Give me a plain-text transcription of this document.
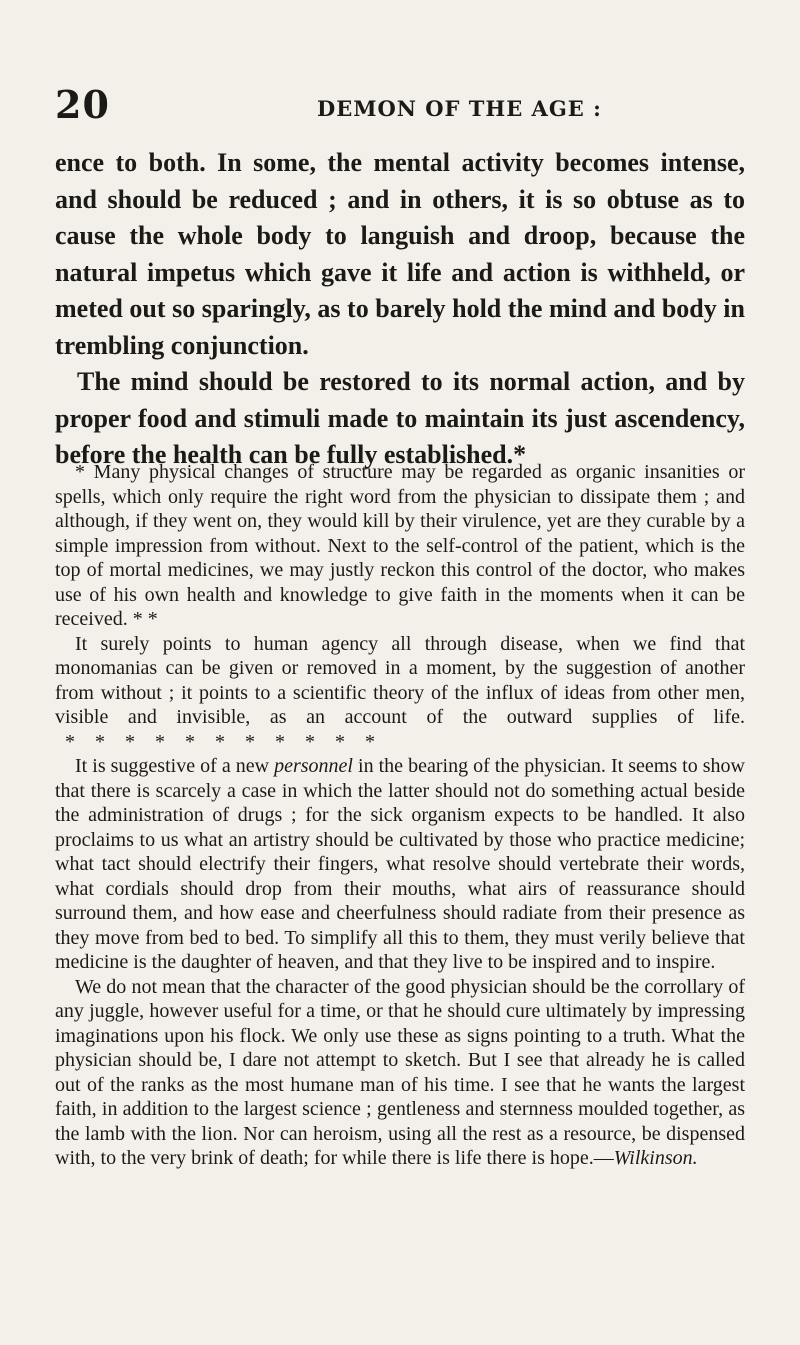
20	DEMON OF THE AGE :

ence to both. In some, the mental activity becomes intense, and should be reduced ; and in others, it is so obtuse as to cause the whole body to languish and droop, because the natural impetus which gave it life and action is withheld, or meted out so sparingly, as to barely hold the mind and body in trembling conjunction.

The mind should be restored to its normal action, and by proper food and stimuli made to maintain its just ascendency, before the health can be fully established.*

* Many physical changes of structure may be regarded as organic insanities or spells, which only require the right word from the physician to dissipate them ; and although, if they went on, they would kill by their virulence, yet are they curable by a simple impression from without. Next to the self-control of the patient, which is the top of mortal medicines, we may justly reckon this control of the doctor, who makes use of his own health and knowledge to give faith in the moments when it can be received. * *

It surely points to human agency all through disease, when we find that monomanias can be given or removed in a moment, by the suggestion of another from without ; it points to a scientific theory of the influx of ideas from other men, visible and invisible, as an account of the outward supplies of life.  *    *    *    *    *    *    *    *    *    *    *

It is suggestive of a new personnel in the bearing of the physician. It seems to show that there is scarcely a case in which the latter should not do something actual beside the administration of drugs ; for the sick organism expects to be handled. It also proclaims to us what an artistry should be cultivated by those who practice medicine; what tact should electrify their fingers, what resolve should vertebrate their words, what cordials should drop from their mouths, what airs of reassurance should surround them, and how ease and cheerfulness should radiate from their presence as they move from bed to bed. To simplify all this to them, they must verily believe that medicine is the daughter of heaven, and that they live to be inspired and to inspire.

We do not mean that the character of the good physician should be the corrollary of any juggle, however useful for a time, or that he should cure ultimately by impressing imaginations upon his flock. We only use these as signs pointing to a truth. What the physician should be, I dare not attempt to sketch. But I see that already he is called out of the ranks as the most humane man of his time. I see that he wants the largest faith, in addition to the largest science ; gentleness and sternness moulded together, as the lamb with the lion. Nor can heroism, using all the rest as a resource, be dispensed with, to the very brink of death; for while there is life there is hope.—Wilkinson.
